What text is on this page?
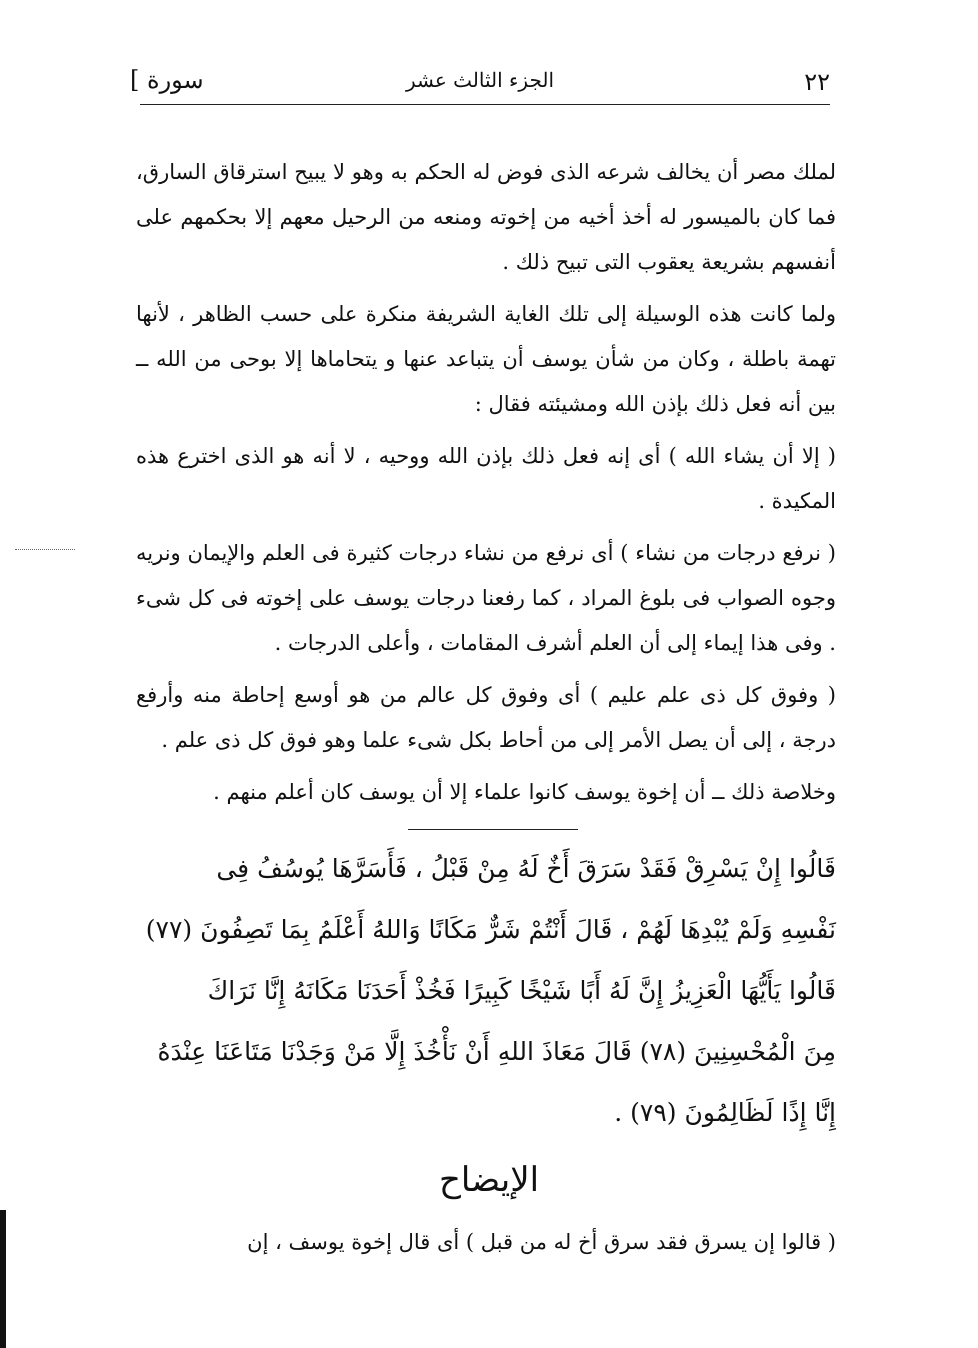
٢٢
الجزء الثالث عشر
سورة ]

لملك مصر أن يخالف شرعه الذى فوض له الحكم به وهو لا يبيح استرقاق السارق، فما كان بالميسور له أخذ أخيه من إخوته ومنعه من الرحيل معهم إلا بحكمهم على أنفسهم بشريعة يعقوب التى تبيح ذلك .

ولما كانت هذه الوسيلة إلى تلك الغاية الشريفة منكرة على حسب الظاهر ، لأنها تهمة باطلة ، وكان من شأن يوسف أن يتباعد عنها و يتحاماها إلا بوحى من الله ــ بين أنه فعل ذلك بإذن الله ومشيئته فقال :

( إلا أن يشاء الله ) أى إنه فعل ذلك بإذن الله ووحيه ، لا أنه هو الذى اخترع هذه المكيدة .

( نرفع درجات من نشاء ) أى نرفع من نشاء درجات كثيرة فى العلم والإيمان ونريه وجوه الصواب فى بلوغ المراد ، كما رفعنا درجات يوسف على إخوته فى كل شىء . وفى هذا إيماء إلى أن العلم أشرف المقامات ، وأعلى الدرجات .

( وفوق كل ذى علم عليم ) أى وفوق كل عالم من هو أوسع إحاطة منه وأرفع درجة ، إلى أن يصل الأمر إلى من أحاط بكل شىء علما وهو فوق كل ذى علم .

وخلاصة ذلك ــ أن إخوة يوسف كانوا علماء إلا أن يوسف كان أعلم منهم .

قَالُوا إِنْ يَسْرِقْ فَقَدْ سَرَقَ أَخٌ لَهُ مِنْ قَبْلُ ، فَأَسَرَّهَا يُوسُفُ فِى

نَفْسِهِ وَلَمْ يُبْدِهَا لَهُمْ ، قَالَ أَنْتُمْ شَرٌّ مَكَانًا وَاللهُ أَعْلَمُ بِمَا تَصِفُونَ (٧٧)

قَالُوا يَأَيُّهَا الْعَزِيزُ إِنَّ لَهُ أَبًا شَيْخًا كَبِيرًا فَخُذْ أَحَدَنَا مَكَانَهُ إِنَّا نَرَاكَ

مِنَ الْمُحْسِنِينَ (٧٨) قَالَ مَعَاذَ اللهِ أَنْ نَأْخُذَ إِلَّا مَنْ وَجَدْنَا مَتَاعَنَا عِنْدَهُ

إِنَّا إِذًا لَظَالِمُونَ (٧٩) .

الإيضاح
( قالوا إن يسرق فقد سرق أخ له من قبل ) أى قال إخوة يوسف ، إن
